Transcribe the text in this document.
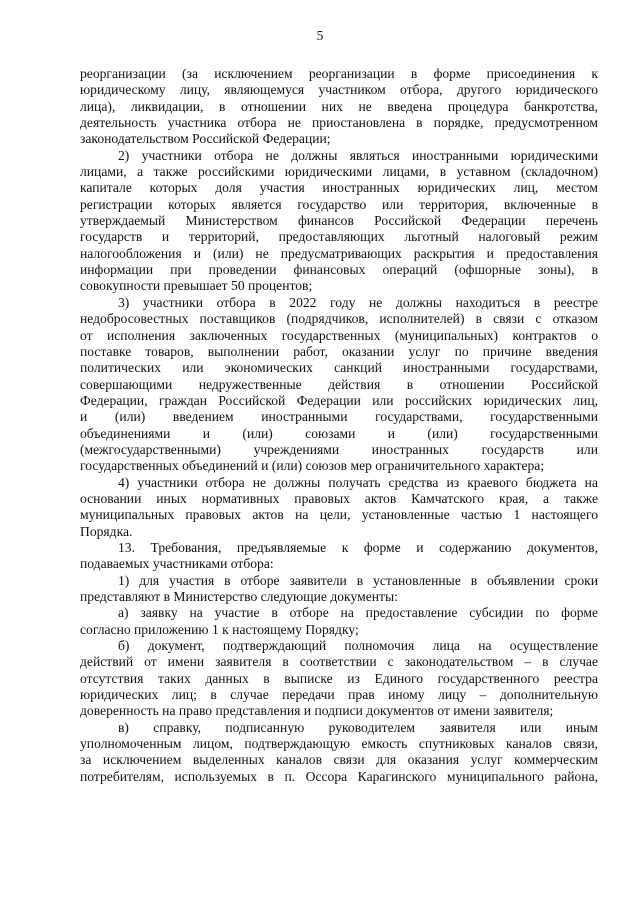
5
реорганизации (за исключением реорганизации в форме присоединения к
юридическому лицу, являющемуся участником отбора, другого юридического
лица), ликвидации, в отношении них не введена процедура банкротства,
деятельность участника отбора не приостановлена в порядке, предусмотренном
законодательством Российской Федерации;
2) участники отбора не должны являться иностранными юридическими
лицами, а также российскими юридическими лицами, в уставном (складочном)
капитале которых доля участия иностранных юридических лиц, местом
регистрации которых является государство или территория, включенные в
утверждаемый Министерством финансов Российской Федерации перечень
государств и территорий, предоставляющих льготный налоговый режим
налогообложения и (или) не предусматривающих раскрытия и предоставления
информации при проведении финансовых операций (офшорные зоны), в
совокупности превышает 50 процентов;
3) участники отбора в 2022 году не должны находиться в реестре
недобросовестных поставщиков (подрядчиков, исполнителей) в связи с отказом
от исполнения заключенных государственных (муниципальных) контрактов о
поставке товаров, выполнении работ, оказании услуг по причине введения
политических или экономических санкций иностранными государствами,
совершающими недружественные действия в отношении Российской
Федерации, граждан Российской Федерации или российских юридических лиц,
и (или) введением иностранными государствами, государственными
объединениями и (или) союзами и (или) государственными
(межгосударственными) учреждениями иностранных государств или
государственных объединений и (или) союзов мер ограничительного характера;
4) участники отбора не должны получать средства из краевого бюджета на
основании иных нормативных правовых актов Камчатского края, а также
муниципальных правовых актов на цели, установленные частью 1 настоящего
Порядка.
13. Требования, предъявляемые к форме и содержанию документов,
подаваемых участниками отбора:
1) для участия в отборе заявители в установленные в объявлении сроки
представляют в Министерство следующие документы:
а) заявку на участие в отборе на предоставление субсидии по форме
согласно приложению 1 к настоящему Порядку;
б) документ, подтверждающий полномочия лица на осуществление
действий от имени заявителя в соответствии с законодательством – в случае
отсутствия таких данных в выписке из Единого государственного реестра
юридических лиц; в случае передачи прав иному лицу – дополнительную
доверенность на право представления и подписи документов от имени заявителя;
в) справку, подписанную руководителем заявителя или иным
уполномоченным лицом, подтверждающую емкость спутниковых каналов связи,
за исключением выделенных каналов связи для оказания услуг коммерческим
потребителям, используемых в п. Оссора Карагинского муниципального района,
